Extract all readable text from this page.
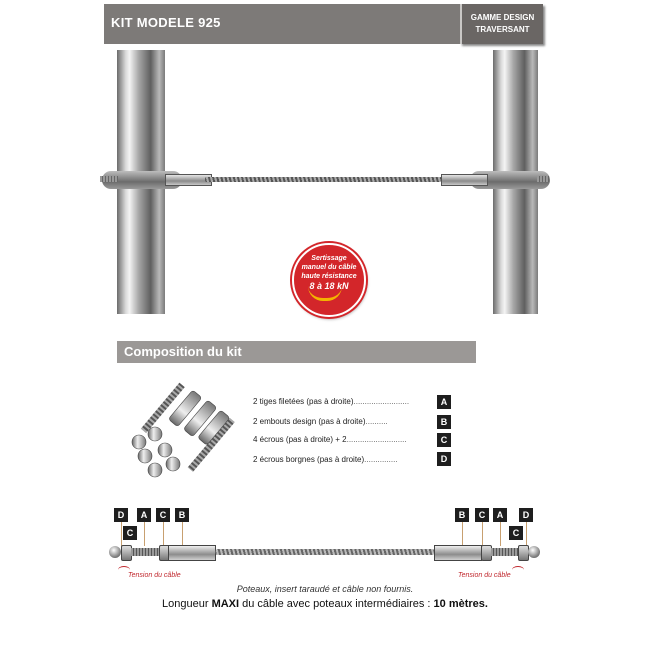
KIT MODELE 925	GAMME DESIGN
TRAVERSANT
Sertissage
manuel du câble
haute résistance
8 à 18 kN
Composition du kit
2 tiges filetées (pas à droite).........................	A
2 embouts design (pas à droite)..........	B
4 écrous (pas à droite) + 2...........................	C
2 écrous borgnes (pas à droite)...............	D
D	A	C	B
C
B	C	A	D
C
Tension du câble	Tension du câble
Poteaux, insert taraudé et câble non fournis.
Longueur MAXI du câble avec poteaux intermédiaires : 10 mètres.
